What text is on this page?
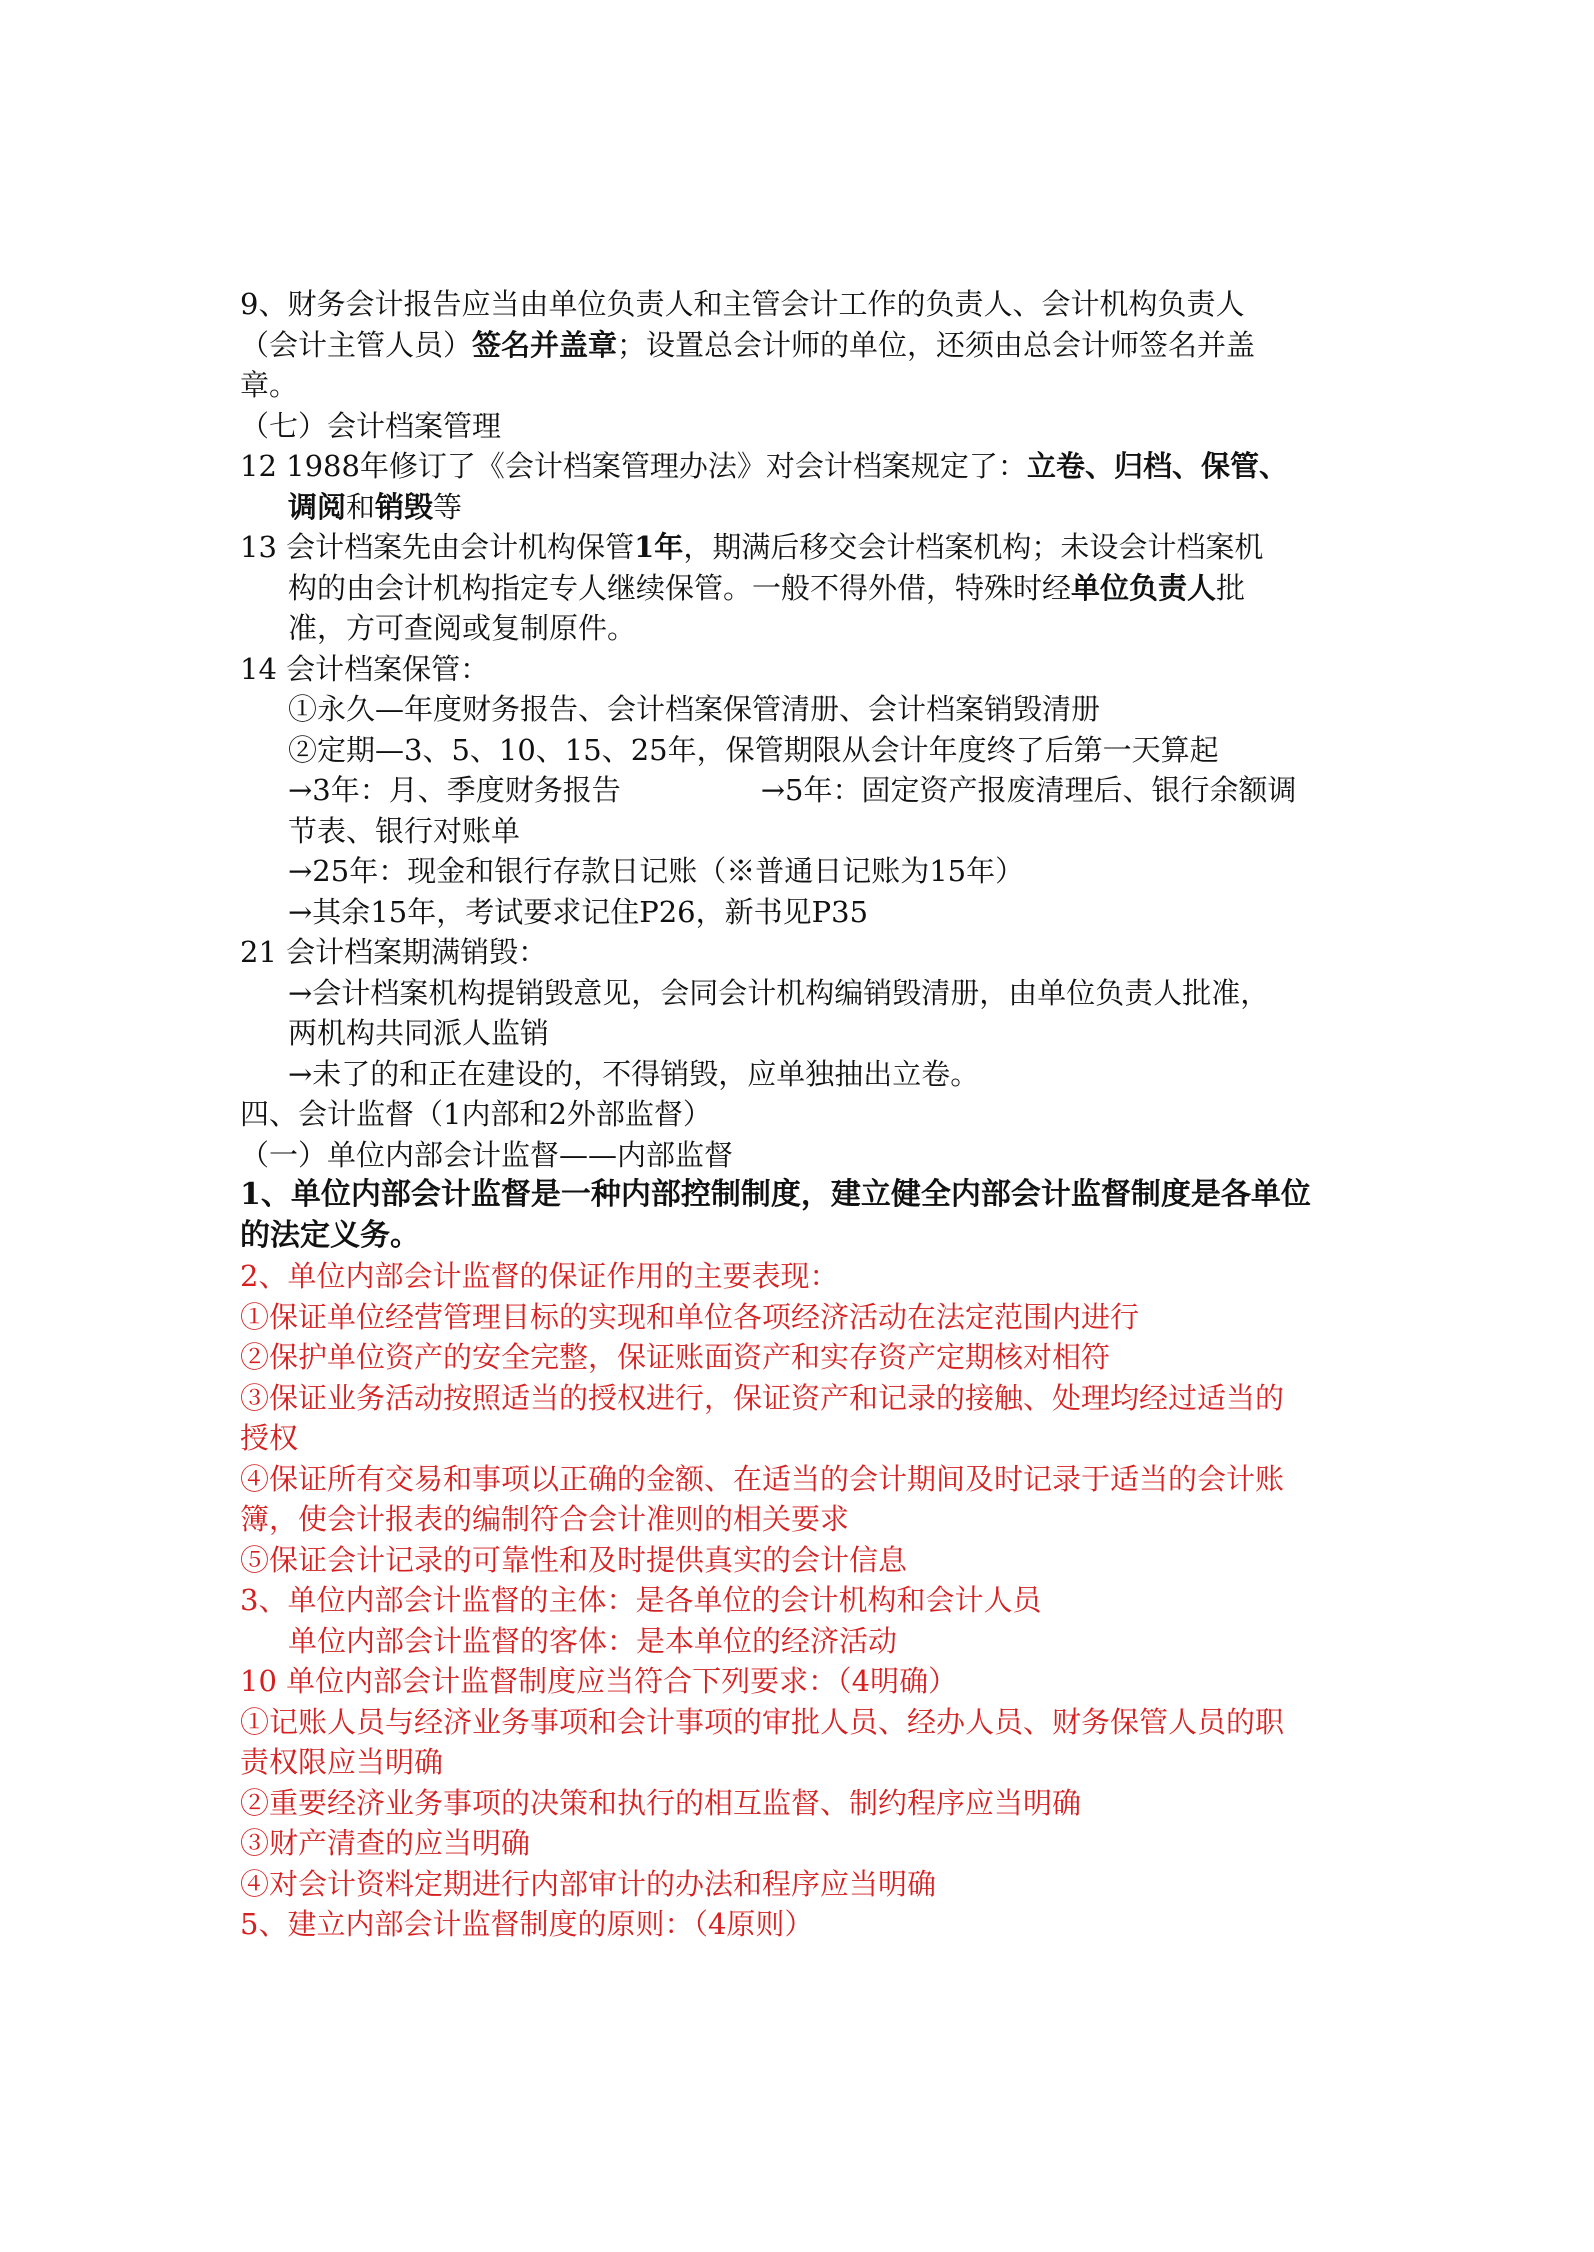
9、财务会计报告应当由单位负责人和主管会计工作的负责人、会计机构负责人
（会计主管人员）签名并盖章；设置总会计师的单位，还须由总会计师签名并盖
章。
（七）会计档案管理
12 1988年修订了《会计档案管理办法》对会计档案规定了：立卷、归档、保管、
调阅和销毁等
13 会计档案先由会计机构保管1年，期满后移交会计档案机构；未设会计档案机
构的由会计机构指定专人继续保管。一般不得外借，特殊时经单位负责人批
准，方可查阅或复制原件。
14 会计档案保管：
①永久—年度财务报告、会计档案保管清册、会计档案销毁清册
②定期—3、5、10、15、25年，保管期限从会计年度终了后第一天算起
→3年：月、季度财务报告	→5年：固定资产报废清理后、银行余额调
节表、银行对账单
→25年：现金和银行存款日记账（※普通日记账为15年）
→其余15年，考试要求记住P26，新书见P35
21 会计档案期满销毁：
→会计档案机构提销毁意见，会同会计机构编销毁清册，由单位负责人批准，
两机构共同派人监销
→未了的和正在建设的，不得销毁，应单独抽出立卷。
四、会计监督（1内部和2外部监督）
（一）单位内部会计监督——内部监督
1、单位内部会计监督是一种内部控制制度，建立健全内部会计监督制度是各单位
的法定义务。
2、单位内部会计监督的保证作用的主要表现：
①保证单位经营管理目标的实现和单位各项经济活动在法定范围内进行
②保护单位资产的安全完整，保证账面资产和实存资产定期核对相符
③保证业务活动按照适当的授权进行，保证资产和记录的接触、处理均经过适当的
授权
④保证所有交易和事项以正确的金额、在适当的会计期间及时记录于适当的会计账
簿，使会计报表的编制符合会计准则的相关要求
⑤保证会计记录的可靠性和及时提供真实的会计信息
3、单位内部会计监督的主体：是各单位的会计机构和会计人员
单位内部会计监督的客体：是本单位的经济活动
10 单位内部会计监督制度应当符合下列要求：（4明确）
①记账人员与经济业务事项和会计事项的审批人员、经办人员、财务保管人员的职
责权限应当明确
②重要经济业务事项的决策和执行的相互监督、制约程序应当明确
③财产清查的应当明确
④对会计资料定期进行内部审计的办法和程序应当明确
5、建立内部会计监督制度的原则：（4原则）
